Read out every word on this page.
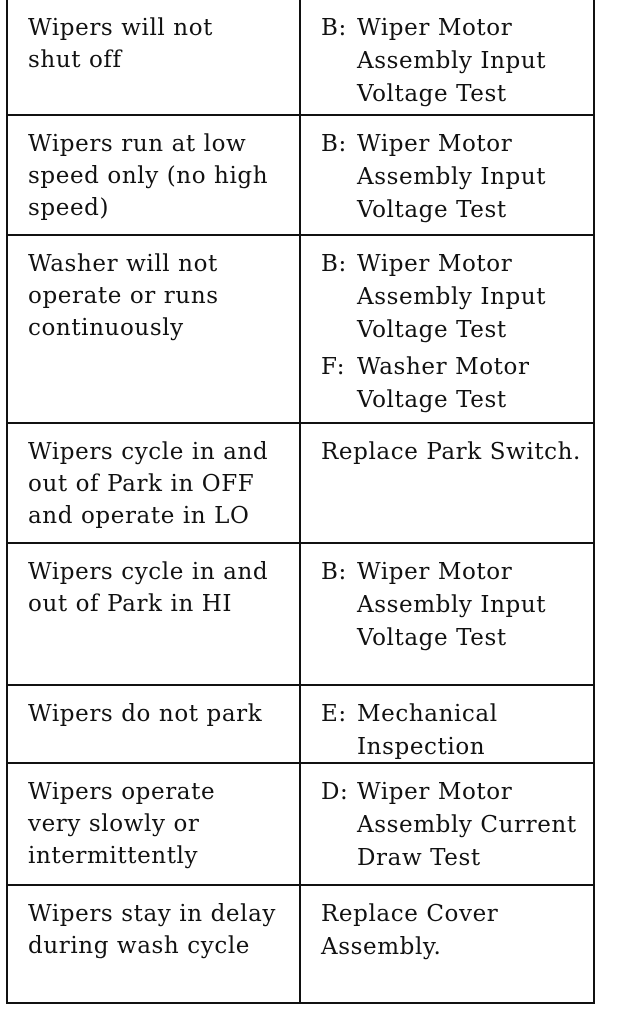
Wipers will not
shut off
B: Wiper Motor
Assembly Input
Voltage Test
Wipers run at low
speed only (no high
speed)
B: Wiper Motor
Assembly Input
Voltage Test
Washer will not
operate or runs
continuously
B: Wiper Motor
Assembly Input
Voltage Test
F: Washer Motor
Voltage Test
Wipers cycle in and
out of Park in OFF
and operate in LO
Replace Park Switch.
Wipers cycle in and
out of Park in HI
B: Wiper Motor
Assembly Input
Voltage Test
Wipers do not park	E: Mechanical
Inspection
Wipers operate
very slowly or
intermittently
D: Wiper Motor
Assembly Current
Draw Test
Wipers stay in delay
during wash cycle
Replace Cover
Assembly.
